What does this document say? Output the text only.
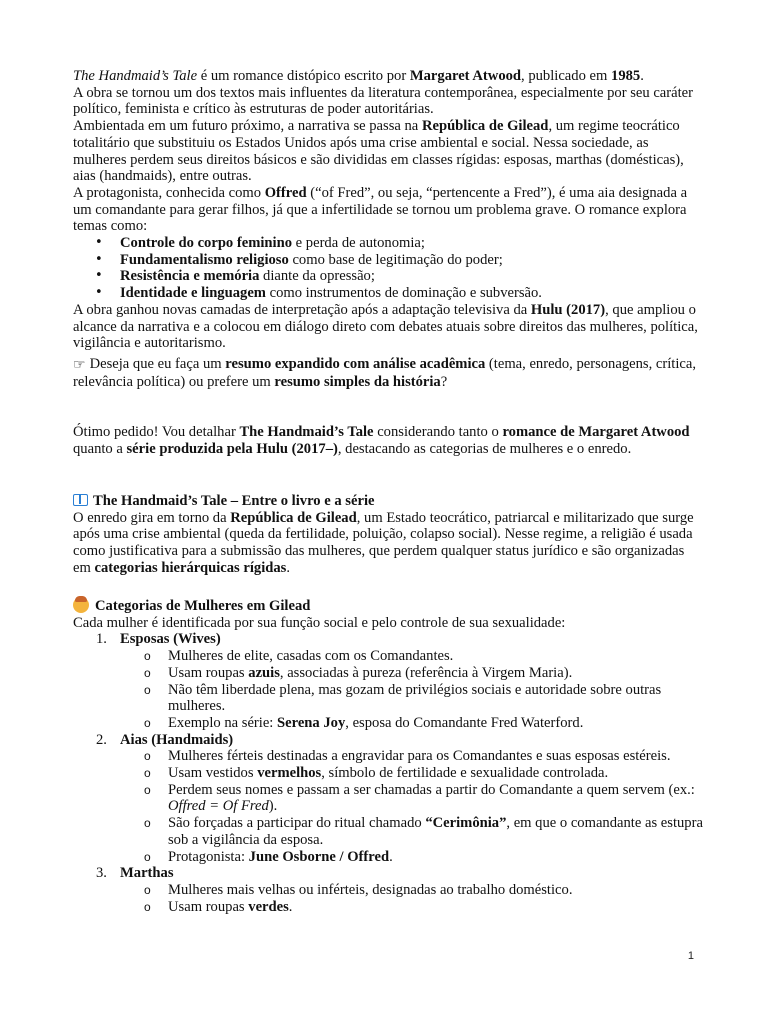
The Handmaid’s Tale é um romance distópico escrito por Margaret Atwood, publicado em 1985.

A obra se tornou um dos textos mais influentes da literatura contemporânea, especialmente por seu caráter político, feminista e crítico às estruturas de poder autoritárias.

Ambientada em um futuro próximo, a narrativa se passa na República de Gilead, um regime teocrático totalitário que substituiu os Estados Unidos após uma crise ambiental e social. Nessa sociedade, as mulheres perdem seus direitos básicos e são divididas em classes rígidas: esposas, marthas (domésticas), aias (handmaids), entre outras.

A protagonista, conhecida como Offred (“of Fred”, ou seja, “pertencente a Fred”), é uma aia designada a um comandante para gerar filhos, já que a infertilidade se tornou um problema grave. O romance explora temas como:

• Controle do corpo feminino e perda de autonomia;
• Fundamentalismo religioso como base de legitimação do poder;
• Resistência e memória diante da opressão;
• Identidade e linguagem como instrumentos de dominação e subversão.

A obra ganhou novas camadas de interpretação após a adaptação televisiva da Hulu (2017), que ampliou o alcance da narrativa e a colocou em diálogo direto com debates atuais sobre direitos das mulheres, política, vigilância e autoritarismo.

☞ Deseja que eu faça um resumo expandido com análise acadêmica (tema, enredo, personagens, crítica, relevância política) ou prefere um resumo simples da história?

Ótimo pedido! Vou detalhar The Handmaid’s Tale considerando tanto o romance de Margaret Atwood quanto a série produzida pela Hulu (2017–), destacando as categorias de mulheres e o enredo.

The Handmaid’s Tale – Entre o livro e a série

O enredo gira em torno da República de Gilead, um Estado teocrático, patriarcal e militarizado que surge após uma crise ambiental (queda da fertilidade, poluição, colapso social). Nesse regime, a religião é usada como justificativa para a submissão das mulheres, que perdem qualquer status jurídico e são organizadas em categorias hierárquicas rígidas.

Categorias de Mulheres em Gilead

Cada mulher é identificada por sua função social e pelo controle de sua sexualidade:

1. Esposas (Wives)
o Mulheres de elite, casadas com os Comandantes.
o Usam roupas azuis, associadas à pureza (referência à Virgem Maria).
o Não têm liberdade plena, mas gozam de privilégios sociais e autoridade sobre outras mulheres.
o Exemplo na série: Serena Joy, esposa do Comandante Fred Waterford.
2. Aias (Handmaids)
o Mulheres férteis destinadas a engravidar para os Comandantes e suas esposas estéreis.
o Usam vestidos vermelhos, símbolo de fertilidade e sexualidade controlada.
o Perdem seus nomes e passam a ser chamadas a partir do Comandante a quem servem (ex.: Offred = Of Fred).
o São forçadas a participar do ritual chamado “Cerimônia”, em que o comandante as estupra sob a vigilância da esposa.
o Protagonista: June Osborne / Offred.
3. Marthas
o Mulheres mais velhas ou inférteis, designadas ao trabalho doméstico.
o Usam roupas verdes.
1
